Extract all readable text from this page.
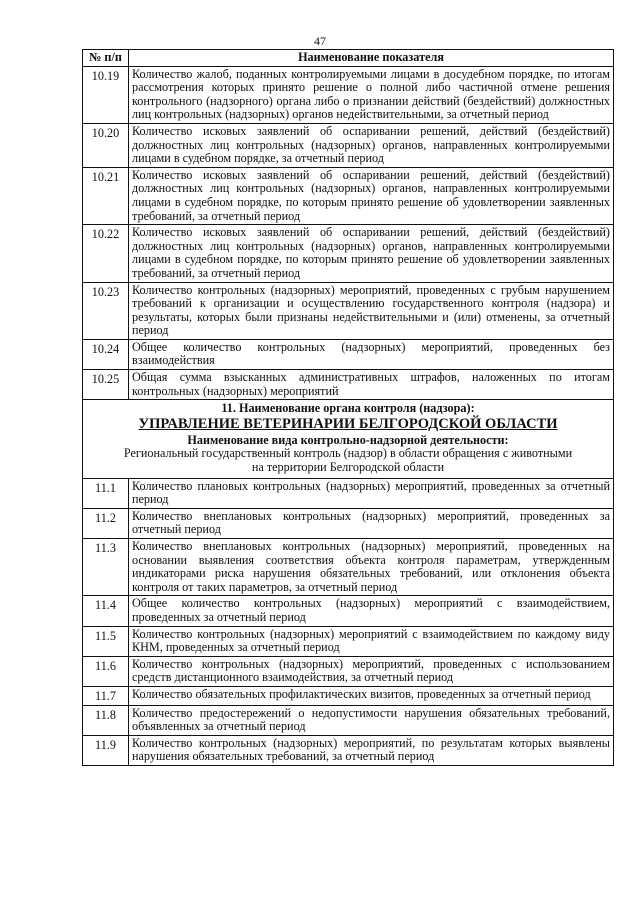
47
№ п/п	Наименование показателя
10.19	Количество жалоб, поданных контролируемыми лицами в досудебном порядке, по итогам рассмотрения которых принято решение о полной либо частичной отмене решения контрольного (надзорного) органа либо о признании действий (бездействий) должностных лиц контрольных (надзорных) органов недействительными, за отчетный период
10.20	Количество исковых заявлений об оспаривании решений, действий (бездействий) должностных лиц контрольных (надзорных) органов, направленных контролируемыми лицами в судебном порядке, за отчетный период
10.21	Количество исковых заявлений об оспаривании решений, действий (бездействий) должностных лиц контрольных (надзорных) органов, направленных контролируемыми лицами в судебном порядке, по которым принято решение об удовлетворении заявленных требований, за отчетный период
10.22	Количество исковых заявлений об оспаривании решений, действий (бездействий) должностных лиц контрольных (надзорных) органов, направленных контролируемыми лицами в судебном порядке, по которым принято решение об удовлетворении заявленных требований, за отчетный период
10.23	Количество контрольных (надзорных) мероприятий, проведенных с грубым нарушением требований к организации и осуществлению государственного контроля (надзора) и результаты, которых были признаны недействительными и (или) отменены, за отчетный период
10.24	Общее количество контрольных (надзорных) мероприятий, проведенных без взаимодействия
10.25	Общая сумма взысканных административных штрафов, наложенных по итогам контрольных (надзорных) мероприятий

11. Наименование органа контроля (надзора):
УПРАВЛЕНИЕ ВЕТЕРИНАРИИ БЕЛГОРОДСКОЙ ОБЛАСТИ
Наименование вида контрольно-надзорной деятельности:
Региональный государственный контроль (надзор) в области обращения с животными
на территории Белгородской области	

11.1	Количество плановых контрольных (надзорных) мероприятий, проведенных за отчетный период
11.2	Количество внеплановых контрольных (надзорных) мероприятий, проведенных за отчетный период
11.3	Количество внеплановых контрольных (надзорных) мероприятий, проведенных на основании выявления соответствия объекта контроля параметрам, утвержденным индикаторами риска нарушения обязательных требований, или отклонения объекта контроля от таких параметров, за отчетный период
11.4	Общее количество контрольных (надзорных) мероприятий с взаимодействием, проведенных за отчетный период
11.5	Количество контрольных (надзорных) мероприятий с взаимодействием по каждому виду КНМ, проведенных за отчетный период
11.6	Количество контрольных (надзорных) мероприятий, проведенных с использованием средств дистанционного взаимодействия, за отчетный период
11.7	Количество обязательных профилактических визитов, проведенных за отчетный период
11.8	Количество предостережений о недопустимости нарушения обязательных требований, объявленных за отчетный период
11.9	Количество контрольных (надзорных) мероприятий, по результатам которых выявлены нарушения обязательных требований, за отчетный период
